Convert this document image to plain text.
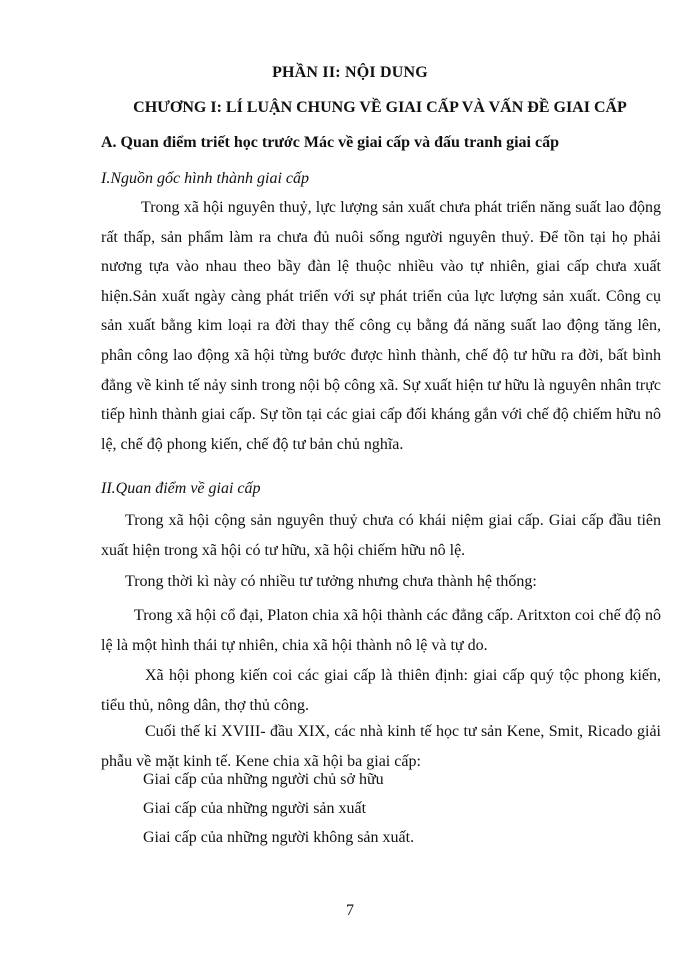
PHẦN II: NỘI DUNG
CHƯƠNG I: LÍ LUẬN CHUNG VỀ GIAI CẤP VÀ VẤN ĐỀ GIAI CẤP
A. Quan điểm triết học trước Mác về giai cấp và đấu tranh giai cấp
I.Nguồn gốc hình thành giai cấp

Trong xã hội nguyên thuỷ, lực lượng sản xuất chưa phát triển năng suất lao động rất thấp, sản phẩm làm ra chưa đủ nuôi sống người nguyên thuỷ. Để tồn tại họ phải nương tựa vào nhau theo bầy đàn lệ thuộc nhiều vào tự nhiên, giai cấp chưa xuất hiện.Sản xuất ngày càng phát triển với sự phát triển của lực lượng sản xuất. Công cụ sản xuất bằng kim loại ra đời thay thế công cụ bằng đá năng suất lao động tăng lên, phân công lao động xã hội từng bước được hình thành, chế độ tư hữu ra đời, bất bình đẳng về kinh tế nảy sinh trong nội bộ công xã. Sự xuất hiện tư hữu là nguyên nhân trực tiếp hình thành giai cấp. Sự tồn tại các giai cấp đối kháng gắn với chế độ chiếm hữu nô lệ, chế độ phong kiến, chế độ tư bản chủ nghĩa.

II.Quan điểm về giai cấp

Trong xã hội cộng sản nguyên thuỷ chưa có khái niệm giai cấp. Giai cấp đầu tiên xuất hiện trong xã hội có tư hữu, xã hội chiếm hữu nô lệ.

Trong thời kì này có nhiều tư tưởng nhưng chưa thành hệ thống:

Trong xã hội cổ đại, Platon chia xã hội thành các đẳng cấp. Aritxton coi chế độ nô lệ là một hình thái tự nhiên, chia xã hội thành nô lệ và tự do.

Xã hội phong kiến coi các giai cấp là thiên định: giai cấp quý tộc phong kiến, tiểu thủ, nông dân, thợ thủ công.

Cuối thế kỉ XVIII- đầu XIX, các nhà kinh tế học tư sản Kene, Smit, Ricado giải phẫu về mặt kinh tế. Kene chia xã hội ba giai cấp:

Giai cấp của những người chủ sở hữu
Giai cấp của những người sản xuất
Giai cấp của những người không sản xuất.
7
